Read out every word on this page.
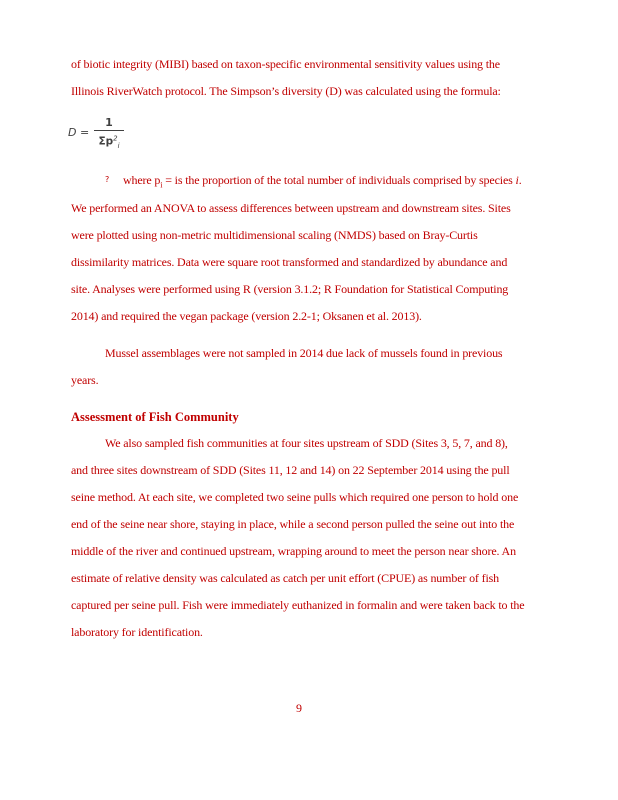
of biotic integrity (MIBI) based on taxon-specific environmental sensitivity values using the
Illinois RiverWatch protocol. The Simpson’s diversity (D) was calculated using the formula:
$D = \frac{1}{\Sigma p^2_i}$
? where $p_i$ = is the proportion of the total number of individuals comprised by species i.
We performed an ANOVA to assess differences between upstream and downstream sites. Sites
were plotted using non-metric multidimensional scaling (NMDS) based on Bray-Curtis
dissimilarity matrices. Data were square root transformed and standardized by abundance and
site. Analyses were performed using R (version 3.1.2; R Foundation for Statistical Computing
2014) and required the vegan package (version 2.2-1; Oksanen et al. 2013).
Mussel assemblages were not sampled in 2014 due lack of mussels found in previous
years.
Assessment of Fish Community
We also sampled fish communities at four sites upstream of SDD (Sites 3, 5, 7, and 8),
and three sites downstream of SDD (Sites 11, 12 and 14) on 22 September 2014 using the pull
seine method. At each site, we completed two seine pulls which required one person to hold one
end of the seine near shore, staying in place, while a second person pulled the seine out into the
middle of the river and continued upstream, wrapping around to meet the person near shore. An
estimate of relative density was calculated as catch per unit effort (CPUE) as number of fish
captured per seine pull. Fish were immediately euthanized in formalin and were taken back to the
laboratory for identification.
9
